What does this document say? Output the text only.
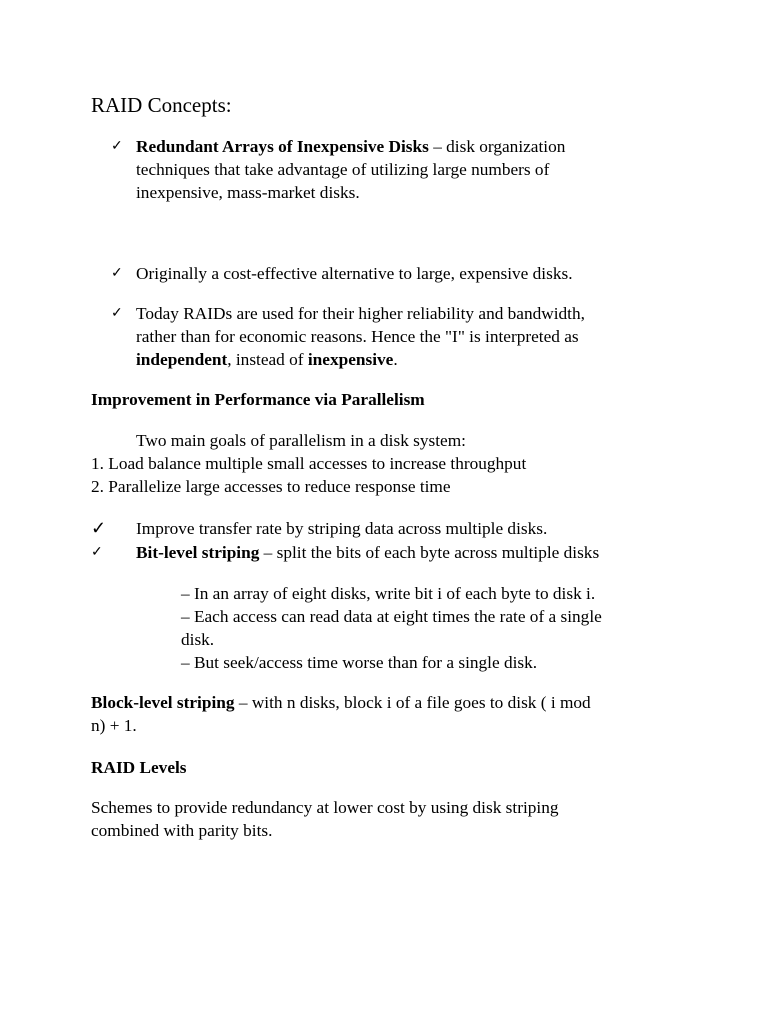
RAID Concepts:
✓ Redundant Arrays of Inexpensive Disks – disk organization
techniques that take advantage of utilizing large numbers of
inexpensive, mass-market disks.
✓ Originally a cost-effective alternative to large, expensive disks.
✓ Today RAIDs are used for their higher reliability and bandwidth,
rather than for economic reasons. Hence the "I" is interpreted as
independent, instead of inexpensive.
Improvement in Performance via Parallelism
Two main goals of parallelism in a disk system:
1. Load balance multiple small accesses to increase throughput
2. Parallelize large accesses to reduce response time
✓ Improve transfer rate by striping data across multiple disks.
✓ Bit-level striping – split the bits of each byte across multiple disks
– In an array of eight disks, write bit i of each byte to disk i.
– Each access can read data at eight times the rate of a single
disk.
– But seek/access time worse than for a single disk.
Block-level striping – with n disks, block i of a file goes to disk ( i mod
n) + 1.
RAID Levels
Schemes to provide redundancy at lower cost by using disk striping
combined with parity bits.
